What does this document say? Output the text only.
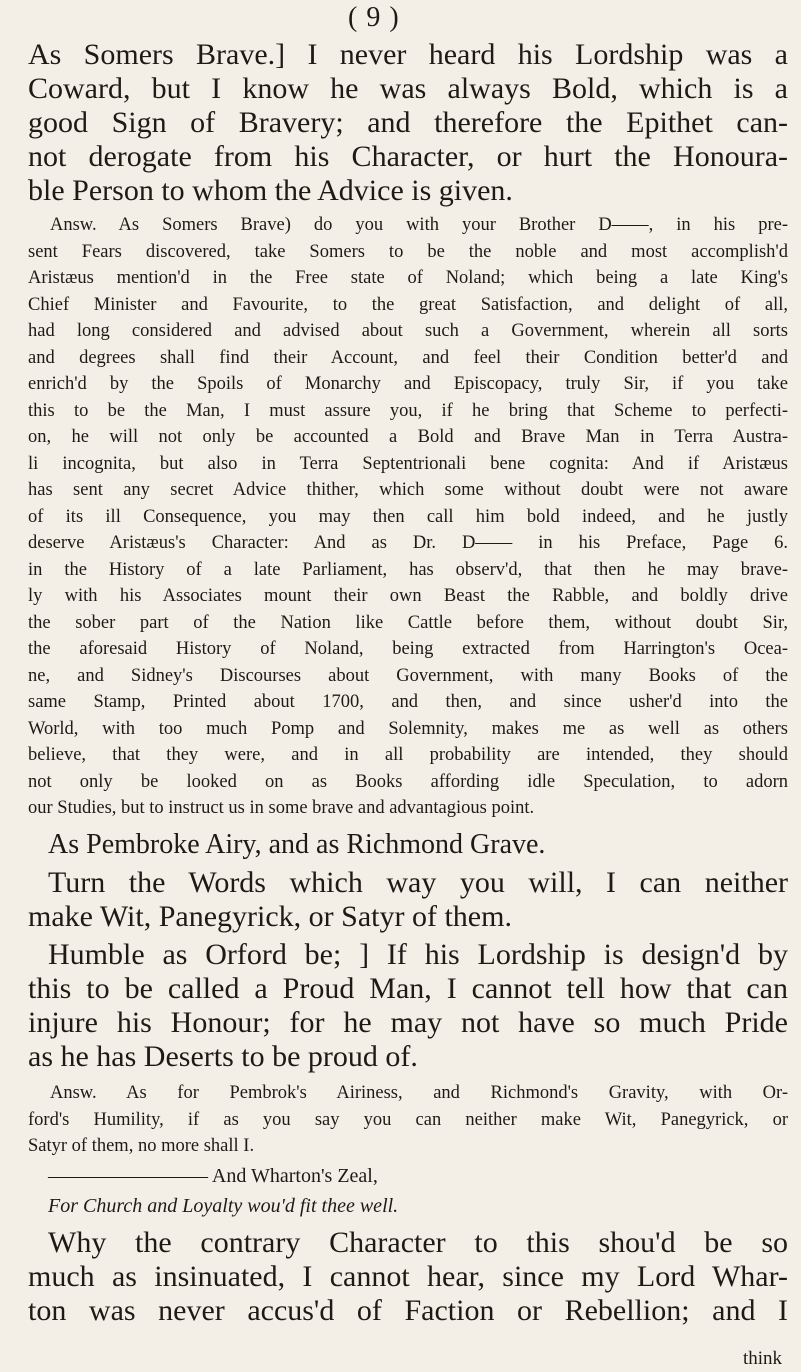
( 9 )
As Somers Brave.] I never heard his Lordship was a
Coward, but I know he was always Bold, which is a
good Sign of Bravery; and therefore the Epithet can-
not derogate from his Character, or hurt the Honoura-
ble Person to whom the Advice is given.
Answ. As Somers Brave) do you with your Brother D——, in his pre-
sent Fears discovered, take Somers to be the noble and most accomplish'd
Aristæus mention'd in the Free state of Noland; which being a late King's
Chief Minister and Favourite, to the great Satisfaction, and delight of all,
had long considered and advised about such a Government, wherein all sorts
and degrees shall find their Account, and feel their Condition better'd and
enrich'd by the Spoils of Monarchy and Episcopacy, truly Sir, if you take
this to be the Man, I must assure you, if he bring that Scheme to perfecti-
on, he will not only be accounted a Bold and Brave Man in Terra Austra-
li incognita, but also in Terra Septentrionali bene cognita: And if Aristæus
has sent any secret Advice thither, which some without doubt were not aware
of its ill Consequence, you may then call him bold indeed, and he justly
deserve Aristæus's Character: And as Dr. D—— in his Preface, Page 6.
in the History of a late Parliament, has observ'd, that then he may brave-
ly with his Associates mount their own Beast the Rabble, and boldly drive
the sober part of the Nation like Cattle before them, without doubt Sir,
the aforesaid History of Noland, being extracted from Harrington's Ocea-
ne, and Sidney's Discourses about Government, with many Books of the
same Stamp, Printed about 1700, and then, and since usher'd into the
World, with too much Pomp and Solemnity, makes me as well as others
believe, that they were, and in all probability are intended, they should
not only be looked on as Books affording idle Speculation, to adorn
our Studies, but to instruct us in some brave and advantagious point.
As Pembroke Airy, and as Richmond Grave.
Turn the Words which way you will, I can neither
make Wit, Panegyrick, or Satyr of them.
Humble as Orford be; ] If his Lordship is design'd by
this to be called a Proud Man, I cannot tell how that can
injure his Honour; for he may not have so much Pride
as he has Deserts to be proud of.
Answ. As for Pembrok's Airiness, and Richmond's Gravity, with Or-
ford's Humility, if as you say you can neither make Wit, Panegyrick, or
Satyr of them, no more shall I.
———————— And Wharton's Zeal,
For Church and Loyalty wou'd fit thee well.
Why the contrary Character to this shou'd be so
much as insinuated, I cannot hear, since my Lord Whar-
ton was never accus'd of Faction or Rebellion; and I
think
